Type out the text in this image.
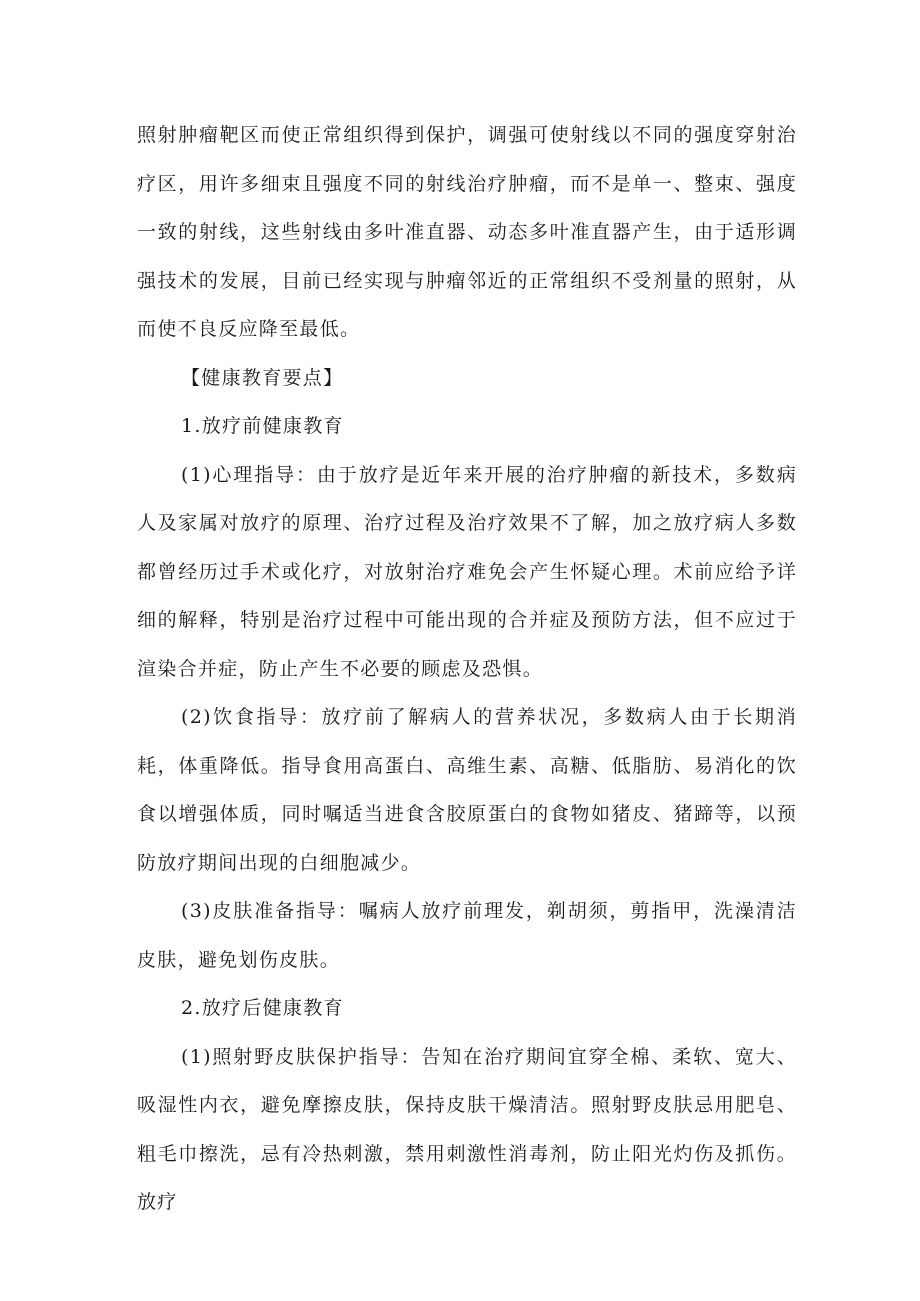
照射肿瘤靶区而使正常组织得到保护，调强可使射线以不同的强度穿射治疗区，用许多细束且强度不同的射线治疗肿瘤，而不是单一、整束、强度一致的射线，这些射线由多叶准直器、动态多叶准直器产生，由于适形调强技术的发展，目前已经实现与肿瘤邻近的正常组织不受剂量的照射，从而使不良反应降至最低。

【健康教育要点】

1.放疗前健康教育

(1)心理指导：由于放疗是近年来开展的治疗肿瘤的新技术，多数病人及家属对放疗的原理、治疗过程及治疗效果不了解，加之放疗病人多数都曾经历过手术或化疗，对放射治疗难免会产生怀疑心理。术前应给予详细的解释，特别是治疗过程中可能出现的合并症及预防方法，但不应过于渲染合并症，防止产生不必要的顾虑及恐惧。

(2)饮食指导：放疗前了解病人的营养状况，多数病人由于长期消耗，体重降低。指导食用高蛋白、高维生素、高糖、低脂肪、易消化的饮食以增强体质，同时嘱适当进食含胶原蛋白的食物如猪皮、猪蹄等，以预防放疗期间出现的白细胞减少。

(3)皮肤准备指导：嘱病人放疗前理发，剃胡须，剪指甲，洗澡清洁皮肤，避免划伤皮肤。

2.放疗后健康教育

(1)照射野皮肤保护指导：告知在治疗期间宜穿全棉、柔软、宽大、吸湿性内衣，避免摩擦皮肤，保持皮肤干燥清洁。照射野皮肤忌用肥皂、粗毛巾擦洗，忌有冷热刺激，禁用刺激性消毒剂，防止阳光灼伤及抓伤。放疗
